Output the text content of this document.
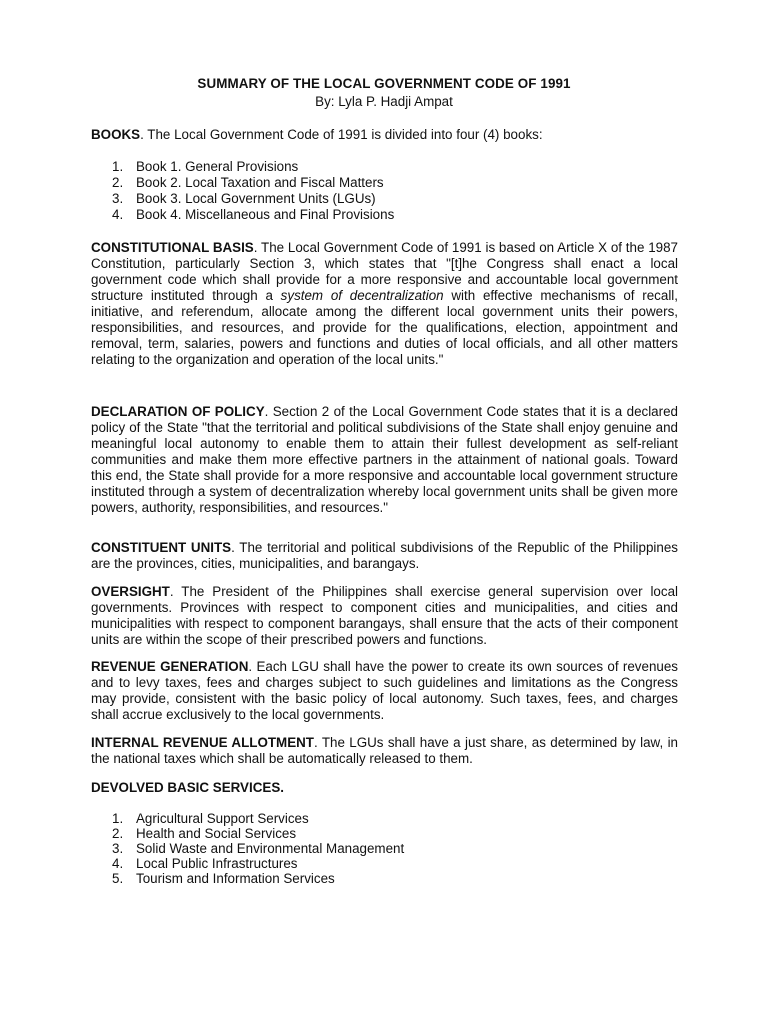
SUMMARY OF THE LOCAL GOVERNMENT CODE OF 1991
By: Lyla P. Hadji Ampat
BOOKS. The Local Government Code of 1991 is divided into four (4) books:
1. Book 1. General Provisions
2. Book 2. Local Taxation and Fiscal Matters
3. Book 3. Local Government Units (LGUs)
4. Book 4. Miscellaneous and Final Provisions
CONSTITUTIONAL BASIS. The Local Government Code of 1991 is based on Article X of the 1987 Constitution, particularly Section 3, which states that "[t]he Congress shall enact a local government code which shall provide for a more responsive and accountable local government structure instituted through a system of decentralization with effective mechanisms of recall, initiative, and referendum, allocate among the different local government units their powers, responsibilities, and resources, and provide for the qualifications, election, appointment and removal, term, salaries, powers and functions and duties of local officials, and all other matters relating to the organization and operation of the local units."
DECLARATION OF POLICY. Section 2 of the Local Government Code states that it is a declared policy of the State "that the territorial and political subdivisions of the State shall enjoy genuine and meaningful local autonomy to enable them to attain their fullest development as self-reliant communities and make them more effective partners in the attainment of national goals. Toward this end, the State shall provide for a more responsive and accountable local government structure instituted through a system of decentralization whereby local government units shall be given more powers, authority, responsibilities, and resources."
CONSTITUENT UNITS. The territorial and political subdivisions of the Republic of the Philippines are the provinces, cities, municipalities, and barangays.
OVERSIGHT. The President of the Philippines shall exercise general supervision over local governments. Provinces with respect to component cities and municipalities, and cities and municipalities with respect to component barangays, shall ensure that the acts of their component units are within the scope of their prescribed powers and functions.
REVENUE GENERATION. Each LGU shall have the power to create its own sources of revenues and to levy taxes, fees and charges subject to such guidelines and limitations as the Congress may provide, consistent with the basic policy of local autonomy. Such taxes, fees, and charges shall accrue exclusively to the local governments.
INTERNAL REVENUE ALLOTMENT. The LGUs shall have a just share, as determined by law, in the national taxes which shall be automatically released to them.
DEVOLVED BASIC SERVICES.
1. Agricultural Support Services
2. Health and Social Services
3. Solid Waste and Environmental Management
4. Local Public Infrastructures
5. Tourism and Information Services
